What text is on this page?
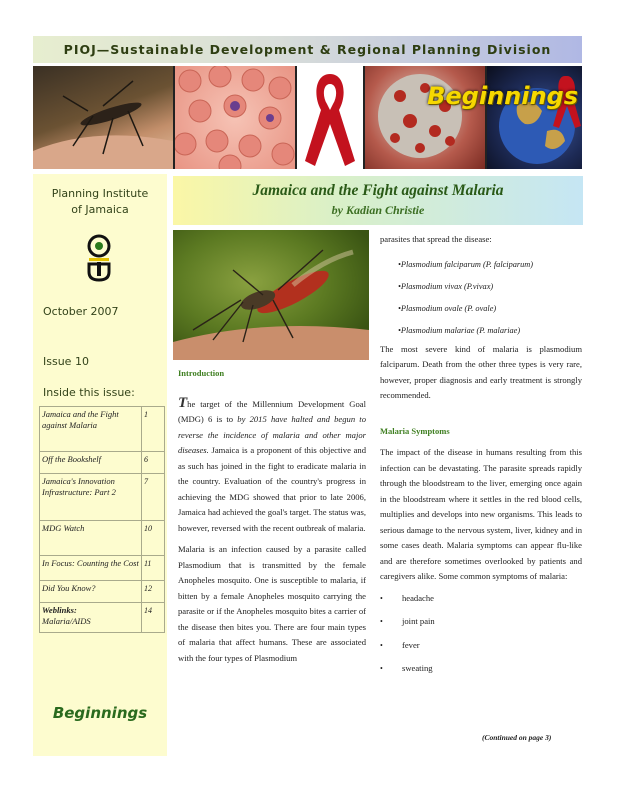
PIOJ—Sustainable Development & Regional Planning Division
Beginnings
Planning Institute
of Jamaica
October 2007
Issue 10
Inside this issue:
Jamaica and the Fight against Malaria	1
Off the Bookshelf	6
Jamaica's Innovation Infrastructure: Part 2	7
MDG Watch	10
In Focus: Counting the Cost	11
Did You Know?	12
Weblinks:
Malaria/AIDS	14
Beginnings
Jamaica and the Fight against Malaria
by Kadian Christie
Introduction

The target of the Millennium Development Goal (MDG) 6 is to by 2015 have halted and begun to reverse the incidence of malaria and other major diseases. Jamaica is a proponent of this objective and as such has joined in the fight to eradicate malaria in the country. Evaluation of the country's progress in achieving the MDG showed that prior to late 2006, Jamaica had achieved the goal's target. The status was, however, reversed with the recent outbreak of malaria.

Malaria is an infection caused by a parasite called Plasmodium that is transmitted by the female Anopheles mosquito. One is susceptible to malaria, if bitten by a female Anopheles mosquito carrying the parasite or if the Anopheles mosquito bites a carrier of the disease then bites you. There are four main types of malaria that affect humans. These are associated with the four types of Plasmodium

parasites that spread the disease:
•Plasmodium falciparum (P. falciparum)
•Plasmodium vivax (P.vivax)
•Plasmodium ovale (P. ovale)
•Plasmodium malariae (P. malariae)

The most severe kind of malaria is plasmodium falciparum. Death from the other three types is very rare, however, proper diagnosis and early treatment is strongly recommended.

Malaria Symptoms

The impact of the disease in humans resulting from this infection can be devastating. The parasite spreads rapidly through the bloodstream to the liver, emerging once again in the bloodstream where it settles in the red blood cells, multiplies and develops into new organisms. This leads to serious damage to the nervous system, liver, kidney and in some cases death. Malaria symptoms can appear flu-like and are therefore sometimes overlooked by patients and caregivers alike. Some common symptoms of malaria:

• headache
• joint pain
• fever
• sweating
(Continued on page 3)
